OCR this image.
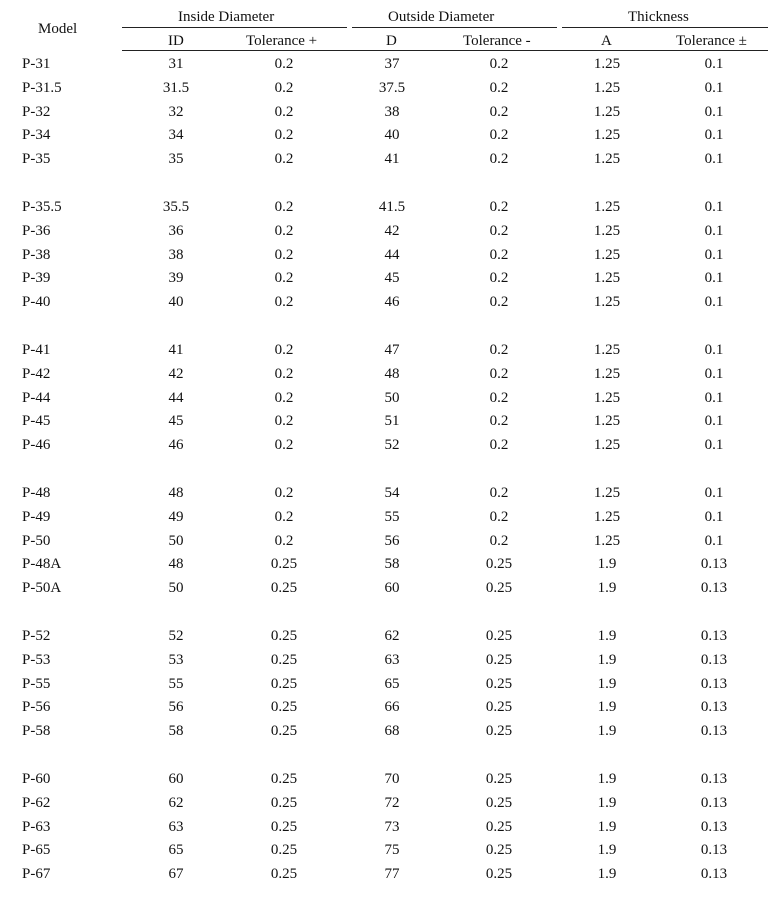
Model
Inside Diameter	Outside Diameter	Thickness
ID	Tolerance +	D	Tolerance -	A	Tolerance ±
P-31	31	0.2	37	0.2	1.25	0.1
P-31.5	31.5	0.2	37.5	0.2	1.25	0.1
P-32	32	0.2	38	0.2	1.25	0.1
P-34	34	0.2	40	0.2	1.25	0.1
P-35	35	0.2	41	0.2	1.25	0.1
P-35.5	35.5	0.2	41.5	0.2	1.25	0.1
P-36	36	0.2	42	0.2	1.25	0.1
P-38	38	0.2	44	0.2	1.25	0.1
P-39	39	0.2	45	0.2	1.25	0.1
P-40	40	0.2	46	0.2	1.25	0.1
P-41	41	0.2	47	0.2	1.25	0.1
P-42	42	0.2	48	0.2	1.25	0.1
P-44	44	0.2	50	0.2	1.25	0.1
P-45	45	0.2	51	0.2	1.25	0.1
P-46	46	0.2	52	0.2	1.25	0.1
P-48	48	0.2	54	0.2	1.25	0.1
P-49	49	0.2	55	0.2	1.25	0.1
P-50	50	0.2	56	0.2	1.25	0.1
P-48A	48	0.25	58	0.25	1.9	0.13
P-50A	50	0.25	60	0.25	1.9	0.13
P-52	52	0.25	62	0.25	1.9	0.13
P-53	53	0.25	63	0.25	1.9	0.13
P-55	55	0.25	65	0.25	1.9	0.13
P-56	56	0.25	66	0.25	1.9	0.13
P-58	58	0.25	68	0.25	1.9	0.13
P-60	60	0.25	70	0.25	1.9	0.13
P-62	62	0.25	72	0.25	1.9	0.13
P-63	63	0.25	73	0.25	1.9	0.13
P-65	65	0.25	75	0.25	1.9	0.13
P-67	67	0.25	77	0.25	1.9	0.13
